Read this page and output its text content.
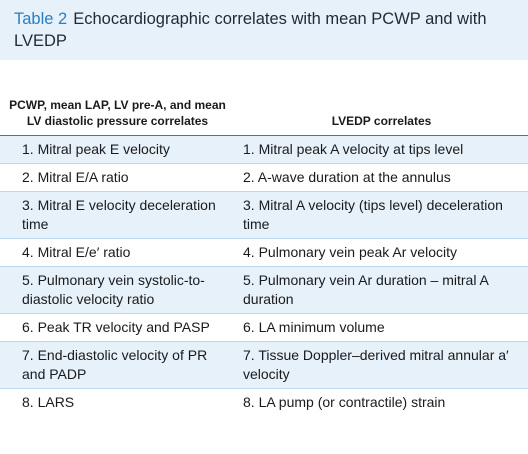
Table 2 Echocardiographic correlates with mean PCWP and with LVEDP
PCWP, mean LAP, LV pre-A, and mean LV diastolic pressure correlates	LVEDP correlates
1. Mitral peak E velocity	1. Mitral peak A velocity at tips level
2. Mitral E/A ratio	2. A-wave duration at the annulus
3. Mitral E velocity deceleration time	3. Mitral A velocity (tips level) deceleration time
4. Mitral E/e′ ratio	4. Pulmonary vein peak Ar velocity
5. Pulmonary vein systolic-to-diastolic velocity ratio	5. Pulmonary vein Ar duration – mitral A duration
6. Peak TR velocity and PASP	6. LA minimum volume
7. End-diastolic velocity of PR and PADP	7. Tissue Doppler–derived mitral annular a′ velocity
8. LARS	8. LA pump (or contractile) strain
